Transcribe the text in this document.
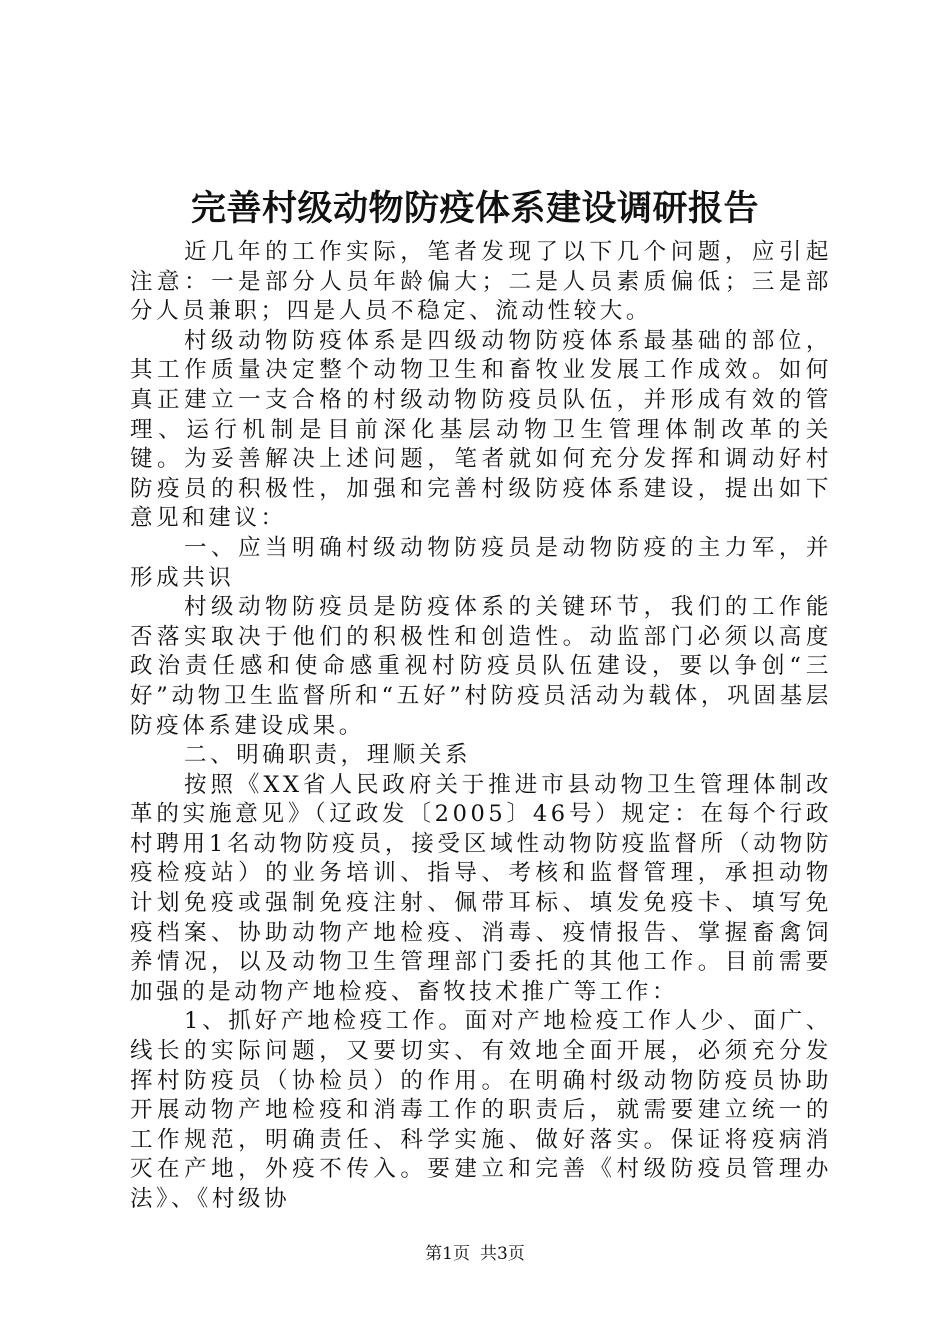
完善村级动物防疫体系建设调研报告

近几年的工作实际，笔者发现了以下几个问题，应引起注意：一是部分人员年龄偏大；二是人员素质偏低；三是部分人员兼职；四是人员不稳定、流动性较大。

村级动物防疫体系是四级动物防疫体系最基础的部位，其工作质量决定整个动物卫生和畜牧业发展工作成效。如何真正建立一支合格的村级动物防疫员队伍，并形成有效的管理、运行机制是目前深化基层动物卫生管理体制改革的关键。为妥善解决上述问题，笔者就如何充分发挥和调动好村防疫员的积极性，加强和完善村级防疫体系建设，提出如下意见和建议：

一、应当明确村级动物防疫员是动物防疫的主力军，并形成共识

村级动物防疫员是防疫体系的关键环节，我们的工作能否落实取决于他们的积极性和创造性。动监部门必须以高度政治责任感和使命感重视村防疫员队伍建设，要以争创“三好”动物卫生监督所和“五好”村防疫员活动为载体，巩固基层防疫体系建设成果。

二、明确职责，理顺关系

按照《XX省人民政府关于推进市县动物卫生管理体制改革的实施意见》（辽政发〔2005〕46号）规定：在每个行政村聘用1名动物防疫员，接受区域性动物防疫监督所（动物防疫检疫站）的业务培训、指导、考核和监督管理，承担动物计划免疫或强制免疫注射、佩带耳标、填发免疫卡、填写免疫档案、协助动物产地检疫、消毒、疫情报告、掌握畜禽饲养情况，以及动物卫生管理部门委托的其他工作。目前需要加强的是动物产地检疫、畜牧技术推广等工作：

1、抓好产地检疫工作。面对产地检疫工作人少、面广、线长的实际问题，又要切实、有效地全面开展，必须充分发挥村防疫员（协检员）的作用。在明确村级动物防疫员协助开展动物产地检疫和消毒工作的职责后，就需要建立统一的工作规范，明确责任、科学实施、做好落实。保证将疫病消灭在产地，外疫不传入。要建立和完善《村级防疫员管理办法》、《村级协

第1页 共3页
